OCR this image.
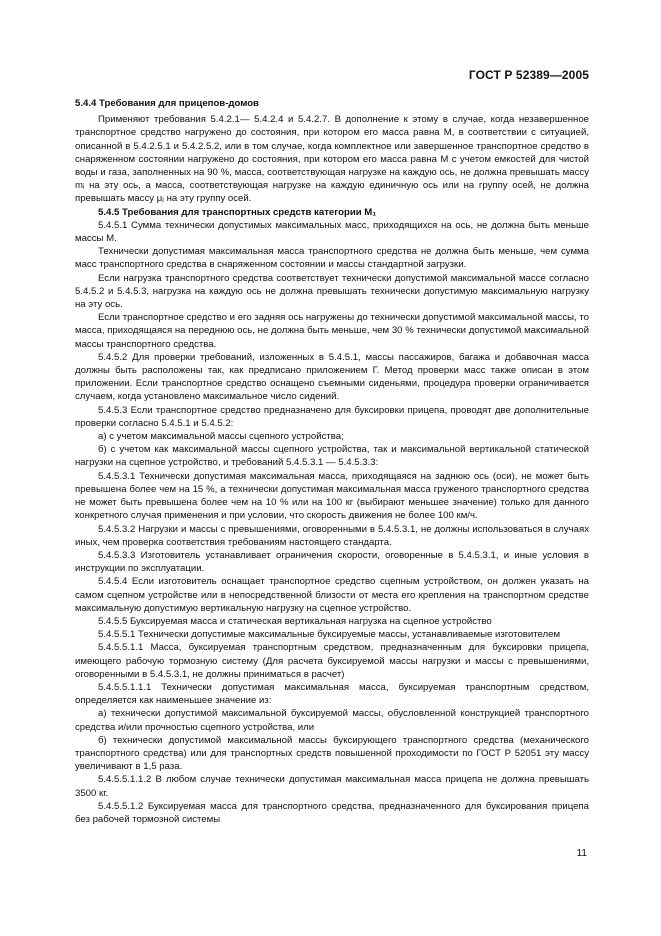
ГОСТ Р 52389—2005

5.4.4 Требования для прицепов-домов

Применяют требования 5.4.2.1— 5.4.2.4 и 5.4.2.7. В дополнение к этому в случае, когда незавершенное транспортное средство нагружено до состояния, при котором его масса равна M, в соответствии с ситуацией, описанной в 5.4.2.5.1 и 5.4.2.5.2, или в том случае, когда комплектное или завершенное транспортное средство в снаряженном состоянии нагружено до состояния, при котором его масса равна M с учетом емкостей для чистой воды и газа, заполненных на 90 %, масса, соответствующая нагрузке на каждую ось, не должна превышать массу mᵢ на эту ось, а масса, соответствующая нагрузке на каждую единичную ось или на группу осей, не должна превышать массу μⱼ на эту группу осей.

5.4.5 Требования для транспортных средств категории M₁

5.4.5.1 Сумма технически допустимых максимальных масс, приходящихся на ось, не должна быть меньше массы M.

Технически допустимая максимальная масса транспортного средства не должна быть меньше, чем сумма масс транспортного средства в снаряженном состоянии и массы стандартной загрузки.

Если нагрузка транспортного средства соответствует технически допустимой максимальной массе согласно 5.4.5.2 и 5.4.5.3, нагрузка на каждую ось не должна превышать технически допустимую максимальную нагрузку на эту ось.

Если транспортное средство и его задняя ось нагружены до технически допустимой максимальной массы, то масса, приходящаяся на переднюю ось, не должна быть меньше, чем 30 % технически допустимой максимальной массы транспортного средства.

5.4.5.2 Для проверки требований, изложенных в 5.4.5.1, массы пассажиров, багажа и добавочная масса должны быть расположены так, как предписано приложением Г. Метод проверки масс также описан в этом приложении. Если транспортное средство оснащено съемными сиденьями, процедура проверки ограничивается случаем, когда установлено максимальное число сидений.

5.4.5.3 Если транспортное средство предназначено для буксировки прицепа, проводят две дополнительные проверки согласно 5.4.5.1 и 5.4.5.2:

а) с учетом максимальной массы сцепного устройства;

б) с учетом как максимальной массы сцепного устройства, так и максимальной вертикальной статической нагрузки на сцепное устройство, и требований 5.4.5.3.1 — 5.4.5.3.3:

5.4.5.3.1 Технически допустимая максимальная масса, приходящаяся на заднюю ось (оси), не может быть превышена более чем на 15 %, а технически допустимая максимальная масса груженого транспортного средства не может быть превышена более чем на 10 % или на 100 кг (выбирают меньшее значение) только для данного конкретного случая применения и при условии, что скорость движения не более 100 км/ч.

5.4.5.3.2 Нагрузки и массы с превышениями, оговоренными в 5.4.5.3.1, не должны использоваться в случаях иных, чем проверка соответствия требованиям настоящего стандарта.

5.4.5.3.3 Изготовитель устанавливает ограничения скорости, оговоренные в 5.4.5.3.1, и иные условия в инструкции по эксплуатации.

5.4.5.4 Если изготовитель оснащает транспортное средство сцепным устройством, он должен указать на самом сцепном устройстве или в непосредственной близости от места его крепления на транспортном средстве максимальную допустимую вертикальную нагрузку на сцепное устройство.

5.4.5.5 Буксируемая масса и статическая вертикальная нагрузка на сцепное устройство

5.4.5.5.1 Технически допустимые максимальные буксируемые массы, устанавливаемые изготовителем

5.4.5.5.1.1 Масса, буксируемая транспортным средством, предназначенным для буксировки прицепа, имеющего рабочую тормозную систему (Для расчета буксируемой массы нагрузки и массы с превышениями, оговоренными в 5.4.5.3.1, не должны приниматься в расчет)

5.4.5.5.1.1.1 Технически допустимая максимальная масса, буксируемая транспортным средством, определяется как наименьшее значение из:

а) технически допустимой максимальной буксируемой массы, обусловленной конструкцией транспортного средства и/или прочностью сцепного устройства, или

б) технически допустимой максимальной массы буксирующего транспортного средства (механического транспортного средства) или для транспортных средств повышенной проходимости по ГОСТ Р 52051 эту массу увеличивают в 1,5 раза.

5.4.5.5.1.1.2 В любом случае технически допустимая максимальная масса прицепа не должна превышать 3500 кг.

5.4.5.5.1.2 Буксируемая масса для транспортного средства, предназначенного для буксирования прицепа без рабочей тормозной системы

11
